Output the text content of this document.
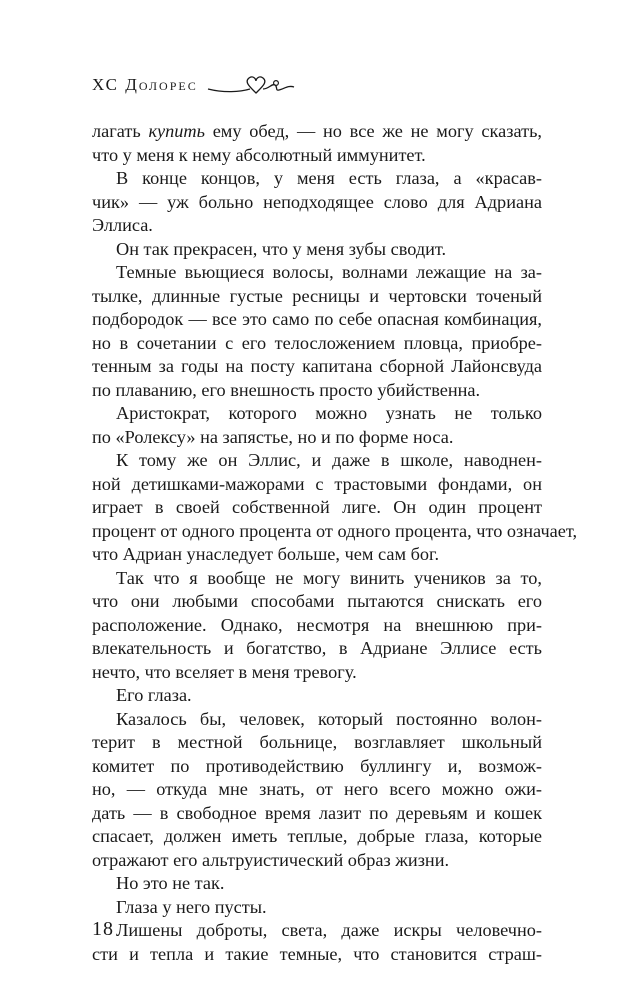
ХС Долорес
лагать купить ему обед, — но все же не могу сказать,
что у меня к нему абсолютный иммунитет.
В конце концов, у меня есть глаза, а «красав-
чик» — уж больно неподходящее слово для Адриана
Эллиса.
Он так прекрасен, что у меня зубы сводит.
Темные вьющиеся волосы, волнами лежащие на за-
тылке, длинные густые ресницы и чертовски точеный
подбородок — все это само по себе опасная комбинация,
но в сочетании с его телосложением пловца, приобре-
тенным за годы на посту капитана сборной Лайонсвуда
по плаванию, его внешность просто убийственна.
Аристократ, которого можно узнать не только
по «Ролексу» на запястье, но и по форме носа.
К тому же он Эллис, и даже в школе, наводнен-
ной детишками-мажорами с трастовыми фондами, он
играет в своей собственной лиге. Он один процент
процент от одного процента от одного процента, что означает,
что Адриан унаследует больше, чем сам бог.
Так что я вообще не могу винить учеников за то,
что они любыми способами пытаются снискать его
расположение. Однако, несмотря на внешнюю при-
влекательность и богатство, в Адриане Эллисе есть
нечто, что вселяет в меня тревогу.
Его глаза.
Казалось бы, человек, который постоянно волон-
терит в местной больнице, возглавляет школьный
комитет по противодействию буллингу и, возмож-
но, — откуда мне знать, от него всего можно ожи-
дать — в свободное время лазит по деревьям и кошек
спасает, должен иметь теплые, добрые глаза, которые
отражают его альтруистический образ жизни.
Но это не так.
Глаза у него пусты.
Лишены доброты, света, даже искры человечно-
сти и тепла и такие темные, что становится страш-
18
